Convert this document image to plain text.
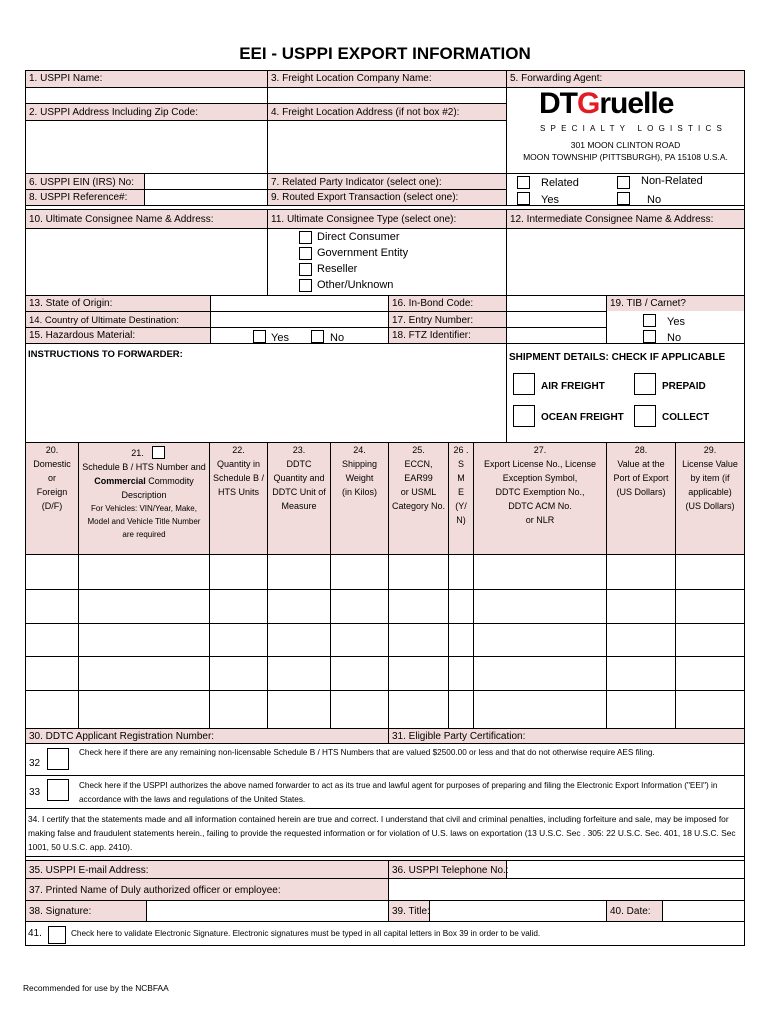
EEI - USPPI EXPORT INFORMATION
1. USPPI Name:	3. Freight Location Company Name:	5. Forwarding Agent:
2. USPPI Address Including Zip Code:	4. Freight Location Address (if not box #2):	DTGruelle
SPECIALTY LOGISTICS
301 MOON CLINTON ROAD
MOON TOWNSHIP (PITTSBURGH), PA 15108 U.S.A.
6. USPPI EIN (IRS) No:
8. USPPI Reference#:
7. Related Party Indicator (select one):
9. Routed Export Transaction (select one):
Related	Non-Related
Yes	No
10. Ultimate Consignee Name & Address:	11. Ultimate Consignee Type (select one):	12. Intermediate Consignee Name & Address:
Direct Consumer
Government Entity
Reseller
Other/Unknown
13. State of Origin:
14. Country of Ultimate Destination:
15. Hazardous Material:	Yes	No
16. In-Bond Code:
17. Entry Number:
18. FTZ Identifier:
19. TIB / Carnet?
Yes
No
INSTRUCTIONS TO FORWARDER:	SHIPMENT DETAILS: CHECK IF APPLICABLE
AIR FREIGHT	PREPAID
OCEAN FREIGHT	COLLECT
20.
Domestic
or
Foreign
(D/F)
21.
Schedule B / HTS Number and
Commercial Commodity
Description
For Vehicles: VIN/Year, Make,
Model and Vehicle Title Number
are required
22.
Quantity in
Schedule B /
HTS Units
23.
DDTC
Quantity and
DDTC Unit of
Measure
24.
Shipping
Weight
(in Kilos)
25.
ECCN, EAR99
or USML
Category No.
26 .
S
M
E
(Y/
N)
27.
Export License No., License
Exception Symbol,
DDTC Exemption No.,
DDTC ACM No.
or NLR
28.
Value at the
Port of Export
(US Dollars)
29.
License Value
by item (if
applicable)
(US Dollars)
30. DDTC Applicant Registration Number:	31. Eligible Party Certification:
32
Check here if there are any remaining non-licensable Schedule B / HTS Numbers that are valued $2500.00 or less and that do not otherwise require AES filing.
33
Check here if the USPPI authorizes the above named forwarder to act as its true and lawful agent for purposes of preparing and filing the Electronic Export Information ("EEI") in accordance with the laws and regulations of the United States.
34. I certify that the statements made and all information contained herein are true and correct. I understand that civil and criminal penalties, including forfeiture and sale, may be imposed for making false and fraudulent statements herein., failing to provide the requested information or for violation of U.S. laws on exportation (13 U.S.C. Sec . 305: 22 U.S.C. Sec. 401, 18 U.S.C. Sec 1001, 50 U.S.C. app. 2410).
35. USPPI E-mail Address:	36. USPPI Telephone No.:
37. Printed Name of Duly authorized officer or employee:
38. Signature:	39. Title:	40. Date:
41.	Check here to validate Electronic Signature. Electronic signatures must be typed in all capital letters in Box 39 in order to be valid.
Recommended for use by the NCBFAA
